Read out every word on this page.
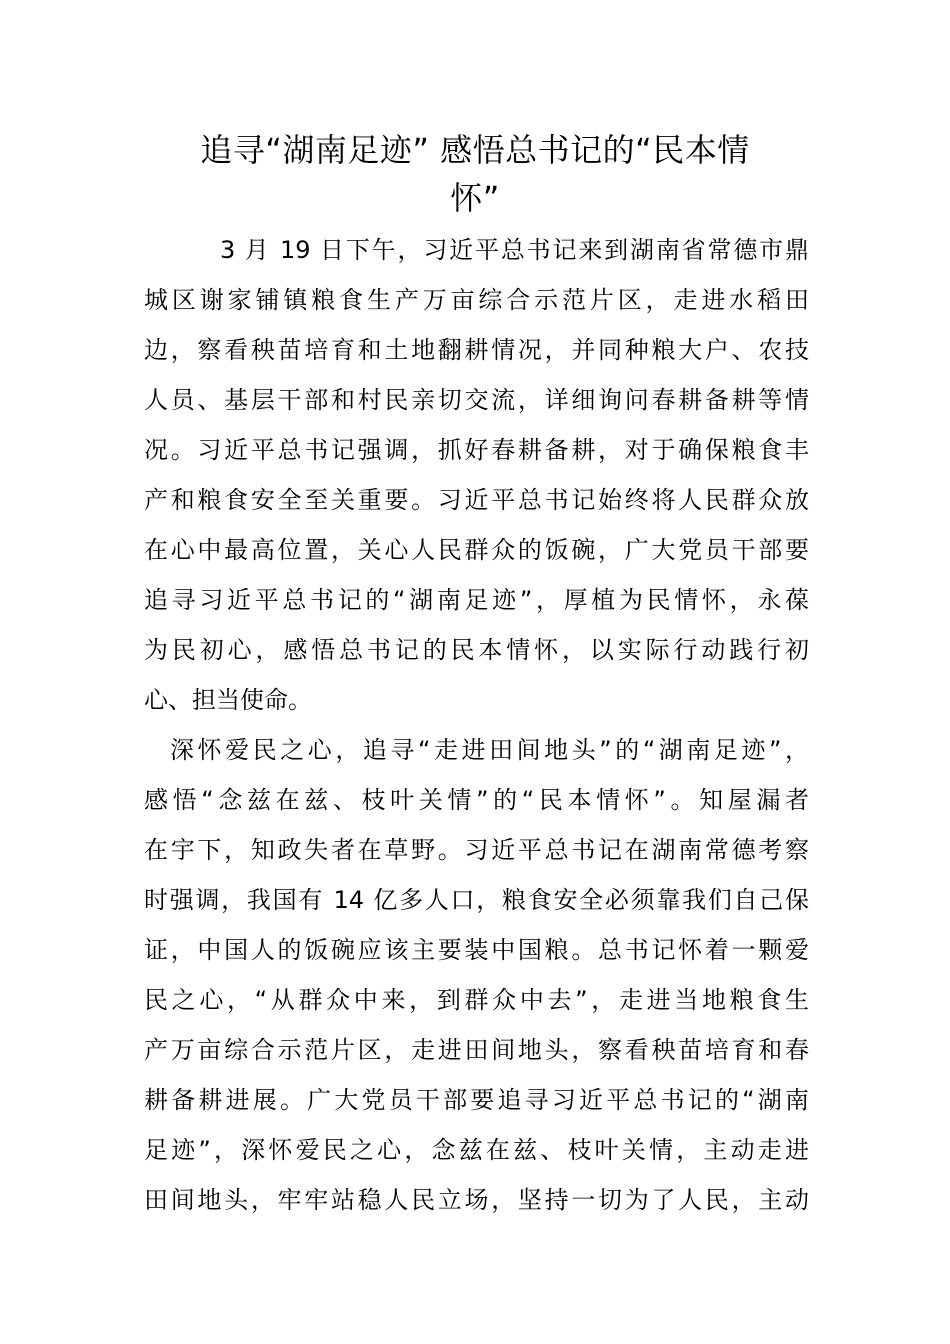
追寻“湖南足迹” 感悟总书记的“民本情
怀”
3 月 19 日下午，习近平总书记来到湖南省常德市鼎
城区谢家铺镇粮食生产万亩综合示范片区，走进水稻田
边，察看秧苗培育和土地翻耕情况，并同种粮大户、农技
人员、基层干部和村民亲切交流，详细询问春耕备耕等情
况。习近平总书记强调，抓好春耕备耕，对于确保粮食丰
产和粮食安全至关重要。习近平总书记始终将人民群众放
在心中最高位置，关心人民群众的饭碗，广大党员干部要
追寻习近平总书记的“湖南足迹”，厚植为民情怀，永葆
为民初心，感悟总书记的民本情怀，以实际行动践行初
心、担当使命。
深怀爱民之心，追寻“走进田间地头”的“湖南足迹”，
感悟“念兹在兹、枝叶关情”的“民本情怀”。知屋漏者
在宇下，知政失者在草野。习近平总书记在湖南常德考察
时强调，我国有 14 亿多人口，粮食安全必须靠我们自己保
证，中国人的饭碗应该主要装中国粮。总书记怀着一颗爱
民之心，“从群众中来，到群众中去”，走进当地粮食生
产万亩综合示范片区，走进田间地头，察看秧苗培育和春
耕备耕进展。广大党员干部要追寻习近平总书记的“湖南
足迹”，深怀爱民之心，念兹在兹、枝叶关情，主动走进
田间地头，牢牢站稳人民立场，坚持一切为了人民，主动
